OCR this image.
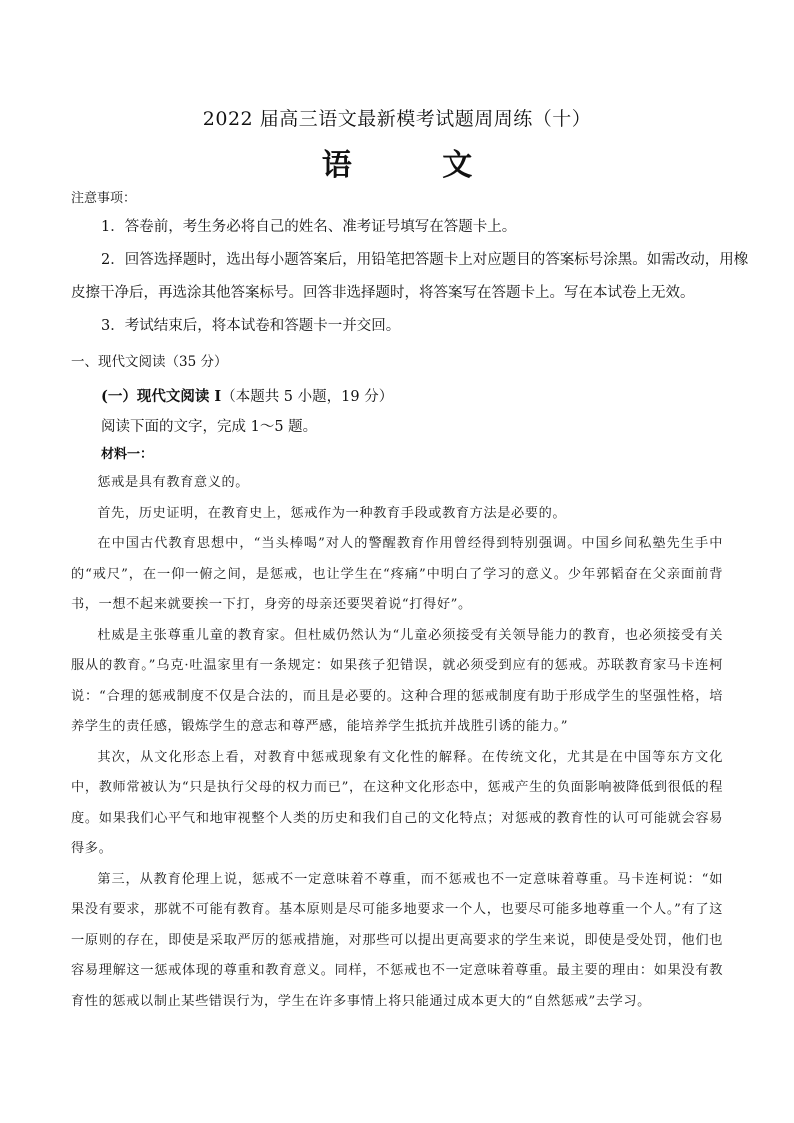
2022 届高三语文最新模考试题周周练（十）
语 文
注意事项：
1．答卷前，考生务必将自己的姓名、准考证号填写在答题卡上。
2．回答选择题时，选出每小题答案后，用铅笔把答题卡上对应题目的答案标号涂黑。如需改动，用橡
皮擦干净后，再选涂其他答案标号。回答非选择题时，将答案写在答题卡上。写在本试卷上无效。
3．考试结束后，将本试卷和答题卡一并交回。
一、现代文阅读（35 分）
(一）现代文阅读 I（本题共 5 小题，19 分）
阅读下面的文字，完成 1～5 题。
材料一：

惩戒是具有教育意义的。

首先，历史证明，在教育史上，惩戒作为一种教育手段或教育方法是必要的。

在中国古代教育思想中，“当头棒喝”对人的警醒教育作用曾经得到特别强调。中国乡间私塾先生手中的“戒尺”，在一仰一俯之间，是惩戒，也让学生在“疼痛”中明白了学习的意义。少年郭韬奋在父亲面前背书，一想不起来就要挨一下打，身旁的母亲还要哭着说“打得好”。

杜威是主张尊重儿童的教育家。但杜威仍然认为“儿童必须接受有关领导能力的教育，也必须接受有关服从的教育。”乌克·吐温家里有一条规定：如果孩子犯错误，就必须受到应有的惩戒。苏联教育家马卡连柯说：“合理的惩戒制度不仅是合法的，而且是必要的。这种合理的惩戒制度有助于形成学生的坚强性格，培养学生的责任感，锻炼学生的意志和尊严感，能培养学生抵抗并战胜引诱的能力。”

其次，从文化形态上看，对教育中惩戒现象有文化性的解释。在传统文化，尤其是在中国等东方文化中，教师常被认为“只是执行父母的权力而已”，在这种文化形态中，惩戒产生的负面影响被降低到很低的程度。如果我们心平气和地审视整个人类的历史和我们自己的文化特点；对惩戒的教育性的认可可能就会容易得多。

第三，从教育伦理上说，惩戒不一定意味着不尊重，而不惩戒也不一定意味着尊重。马卡连柯说：“如果没有要求，那就不可能有教育。基本原则是尽可能多地要求一个人，也要尽可能多地尊重一个人。”有了这一原则的存在，即使是采取严厉的惩戒措施，对那些可以提出更高要求的学生来说，即使是受处罚，他们也容易理解这一惩戒体现的尊重和教育意义。同样，不惩戒也不一定意味着尊重。最主要的理由：如果没有教育性的惩戒以制止某些错误行为，学生在许多事情上将只能通过成本更大的“自然惩戒”去学习。
